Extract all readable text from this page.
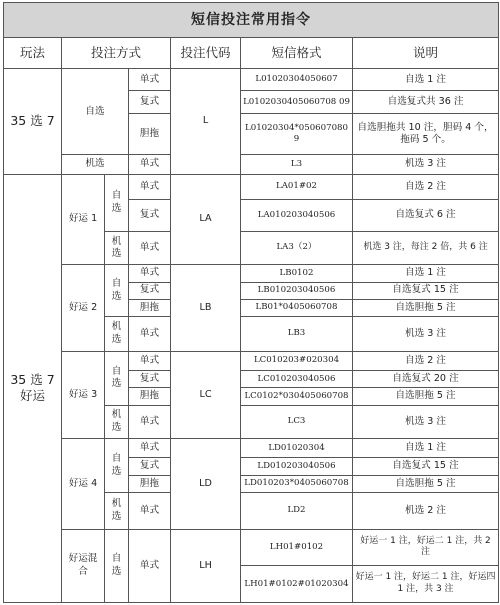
短信投注常用指令						
玩法	投注方式			投注代码	短信格式	说明
35 选 7	自选		单式	L	L01020304050607	自选 1 注
			复式		L0102030405060708 09	自选复式共 36 注
			胆拖		L01020304*0506070809	自选胆拖共 10 注，胆码 4 个，拖码 5 个。
	机选		单式		L3	机选 3 注
35 选 7 好运	好运 1	自选	单式	LA	LA01#02	自选 2 注
			复式		LA010203040506	自选复式 6 注
		机选	单式		LA3（2）	机选 3 注，每注 2 倍，共 6 注
	好运 2	自选	单式	LB	LB0102	自选 1 注
			复式		LB010203040506	自选复式 15 注
			胆拖		LB01*0405060708	自选胆拖 5 注
		机选	单式		LB3	机选 3 注
	好运 3	自选	单式	LC	LC010203#020304	自选 2 注
			复式		LC010203040506	自选复式 20 注
			胆拖		LC0102*030405060708	自选胆拖 5 注
		机选	单式		LC3	机选 3 注
	好运 4	自选	单式	LD	LD01020304	自选 1 注
			复式		LD010203040506	自选复式 15 注
			胆拖		LD010203*0405060708	自选胆拖 5 注
		机选	单式		LD2	机选 2 注
	好运混合	自选	单式	LH	LH01#0102	好运一 1 注，好运二 1 注，共 2 注
					LH01#0102#01020304	好运一 1 注，好运二 1 注，好运四 1 注，共 3 注
